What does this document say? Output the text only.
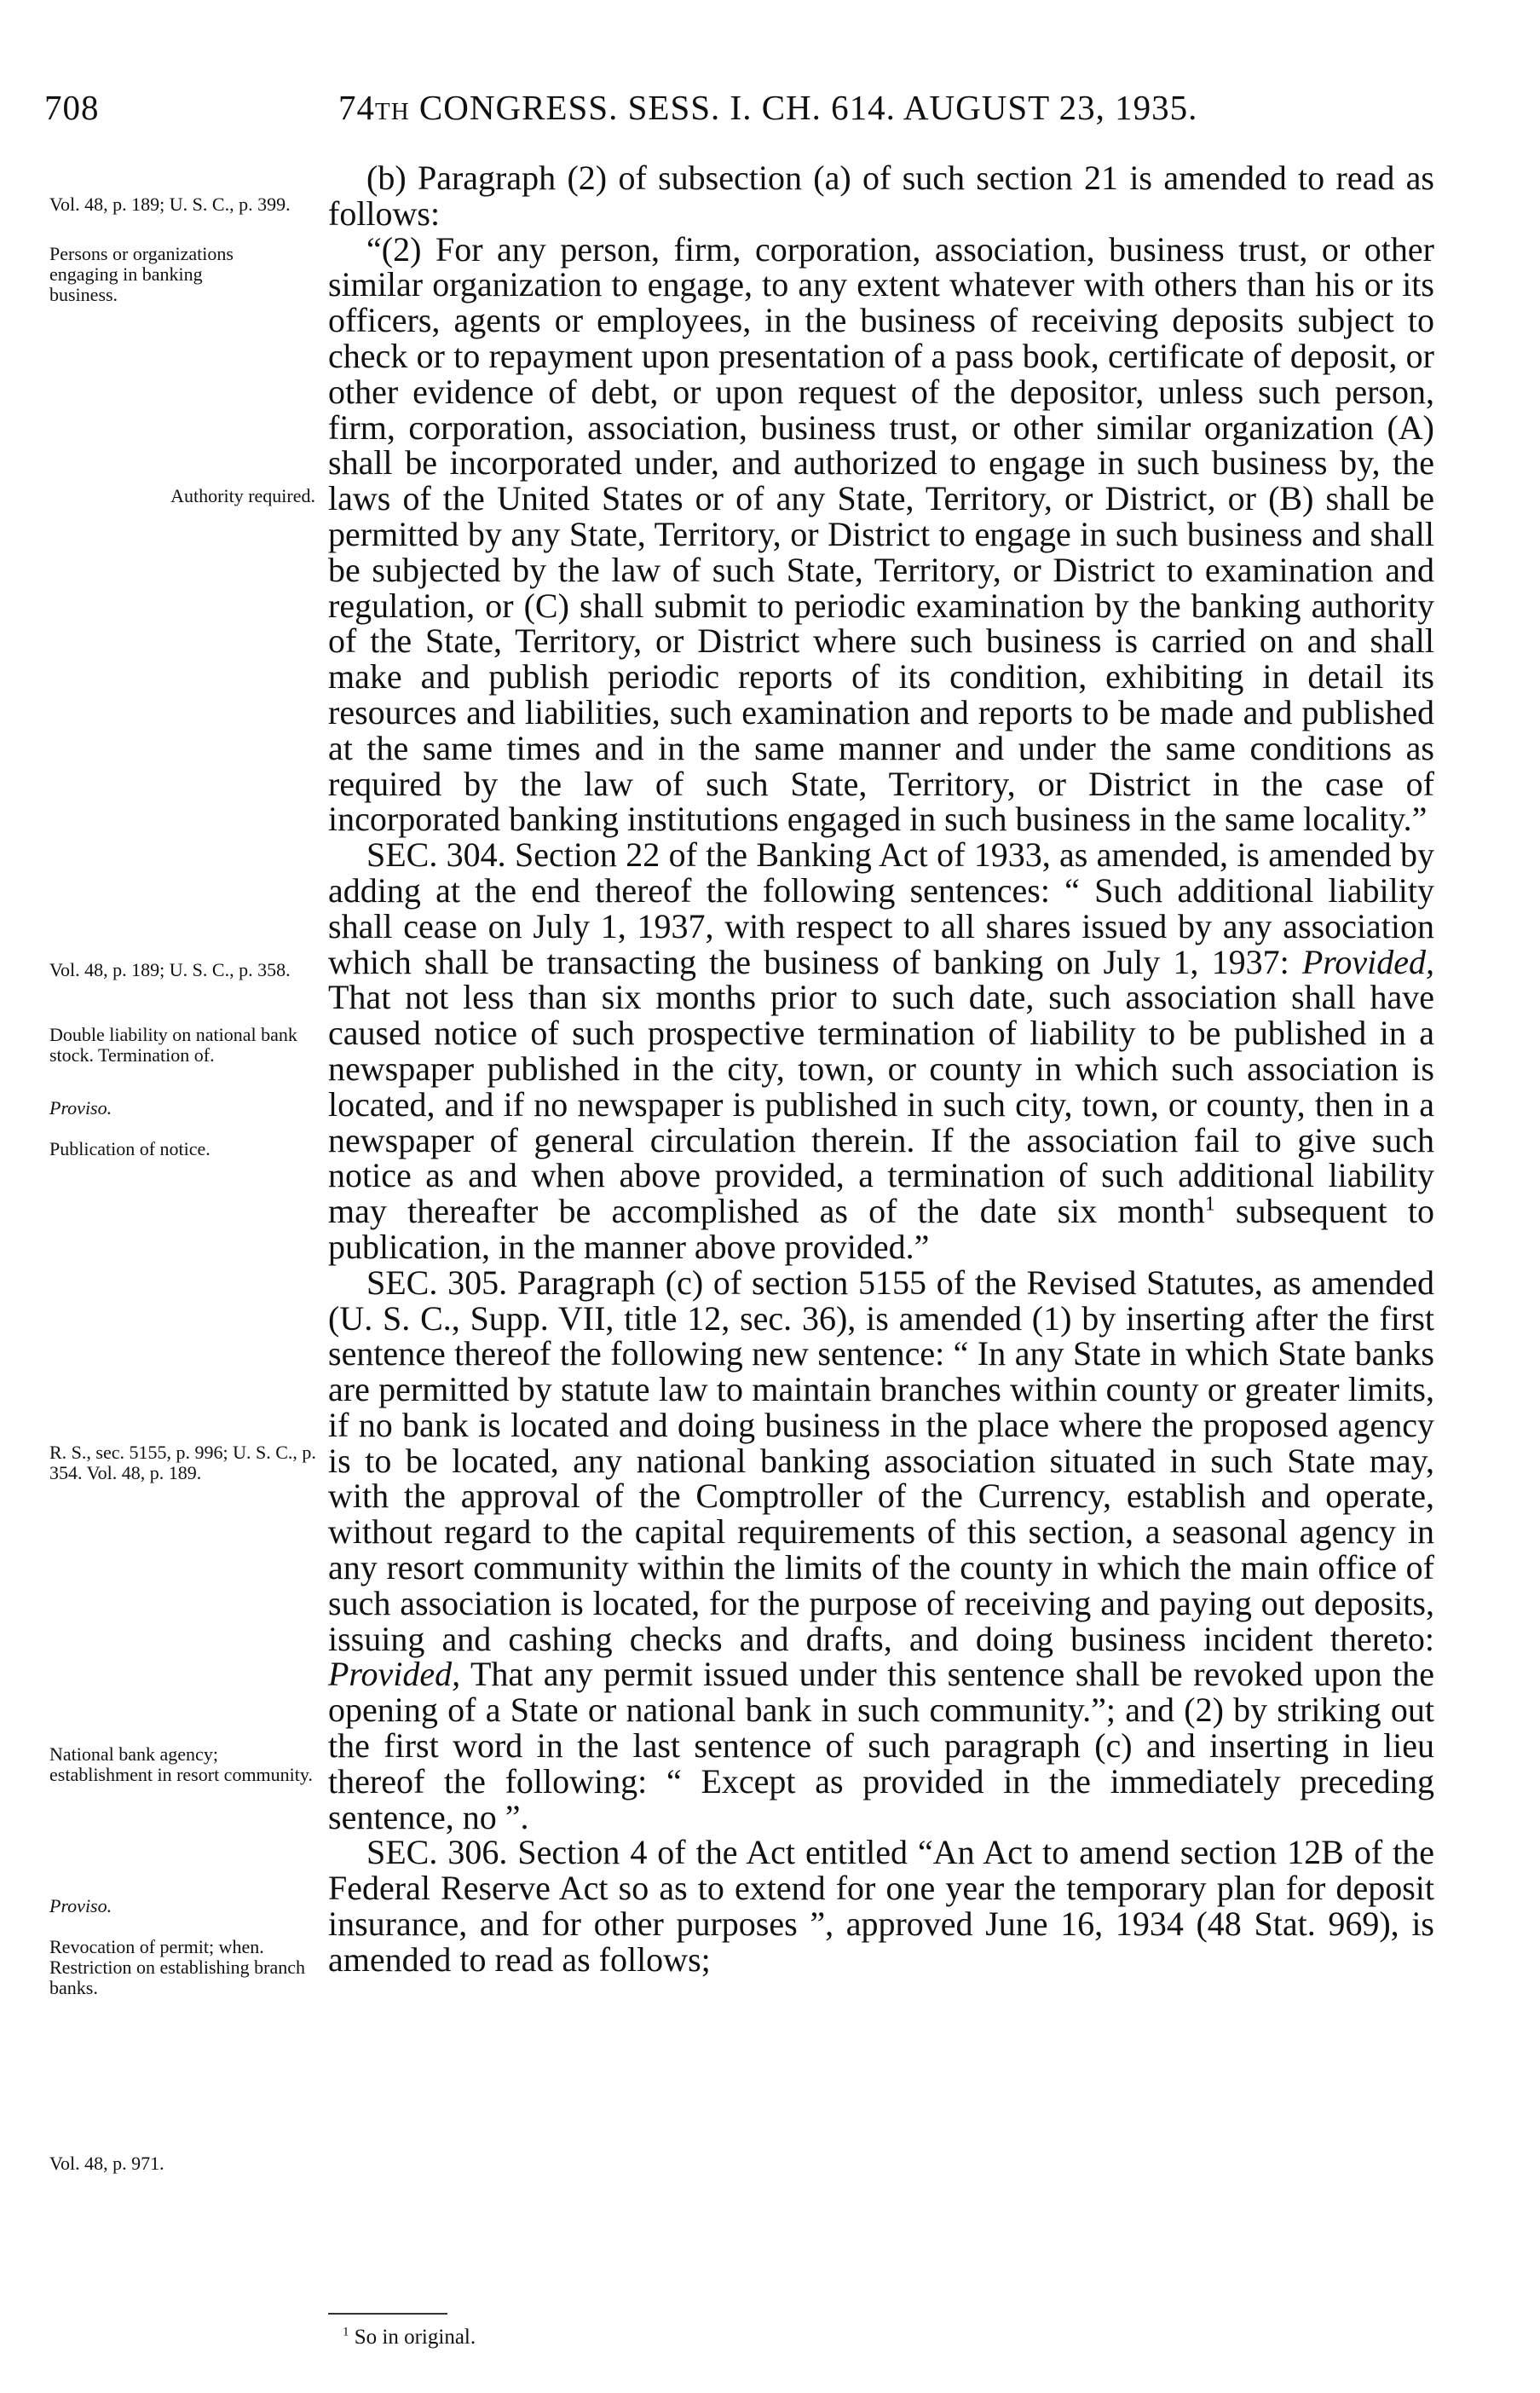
708	74TH CONGRESS. SESS. I. CH. 614. AUGUST 23, 1935.

Vol. 48, p. 189; U. S. C., p. 399.

Persons or organizations engaging in banking business.

Authority required.

Vol. 48, p. 189; U. S. C., p. 358.

Double liability on national bank stock. Termination of.

Proviso.

Publication of notice.

R. S., sec. 5155, p. 996; U. S. C., p. 354. Vol. 48, p. 189.

National bank agency; establishment in resort community.

Proviso.

Revocation of permit; when. Restriction on establishing branch banks.

Vol. 48, p. 971.

(b) Paragraph (2) of subsection (a) of such section 21 is amended to read as follows:

“(2) For any person, firm, corporation, association, business trust, or other similar organization to engage, to any extent whatever with others than his or its officers, agents or employees, in the business of receiving deposits subject to check or to repayment upon presentation of a pass book, certificate of deposit, or other evidence of debt, or upon request of the depositor, unless such person, firm, corporation, association, business trust, or other similar organization (A) shall be incorporated under, and authorized to engage in such business by, the laws of the United States or of any State, Territory, or District, or (B) shall be permitted by any State, Territory, or District to engage in such business and shall be subjected by the law of such State, Territory, or District to examination and regulation, or (C) shall submit to periodic examination by the banking authority of the State, Territory, or District where such business is carried on and shall make and publish periodic reports of its condition, exhibiting in detail its resources and liabilities, such examination and reports to be made and published at the same times and in the same manner and under the same conditions as required by the law of such State, Territory, or District in the case of incorporated banking institutions engaged in such business in the same locality.”

SEC. 304. Section 22 of the Banking Act of 1933, as amended, is amended by adding at the end thereof the following sentences: “ Such additional liability shall cease on July 1, 1937, with respect to all shares issued by any association which shall be transacting the business of banking on July 1, 1937: Provided, That not less than six months prior to such date, such association shall have caused notice of such prospective termination of liability to be published in a newspaper published in the city, town, or county in which such association is located, and if no newspaper is published in such city, town, or county, then in a newspaper of general circulation therein. If the association fail to give such notice as and when above provided, a termination of such additional liability may thereafter be accomplished as of the date six month$^1$ subsequent to publication, in the manner above provided.”

SEC. 305. Paragraph (c) of section 5155 of the Revised Statutes, as amended (U. S. C., Supp. VII, title 12, sec. 36), is amended (1) by inserting after the first sentence thereof the following new sentence: “ In any State in which State banks are permitted by statute law to maintain branches within county or greater limits, if no bank is located and doing business in the place where the proposed agency is to be located, any national banking association situated in such State may, with the approval of the Comptroller of the Currency, establish and operate, without regard to the capital requirements of this section, a seasonal agency in any resort community within the limits of the county in which the main office of such association is located, for the purpose of receiving and paying out deposits, issuing and cashing checks and drafts, and doing business incident thereto: Provided, That any permit issued under this sentence shall be revoked upon the opening of a State or national bank in such community.”; and (2) by striking out the first word in the last sentence of such paragraph (c) and inserting in lieu thereof the following: “ Except as provided in the immediately preceding sentence, no ”.

SEC. 306. Section 4 of the Act entitled “An Act to amend section 12B of the Federal Reserve Act so as to extend for one year the temporary plan for deposit insurance, and for other purposes ”, approved June 16, 1934 (48 Stat. 969), is amended to read as follows;

$^1$ So in original.
